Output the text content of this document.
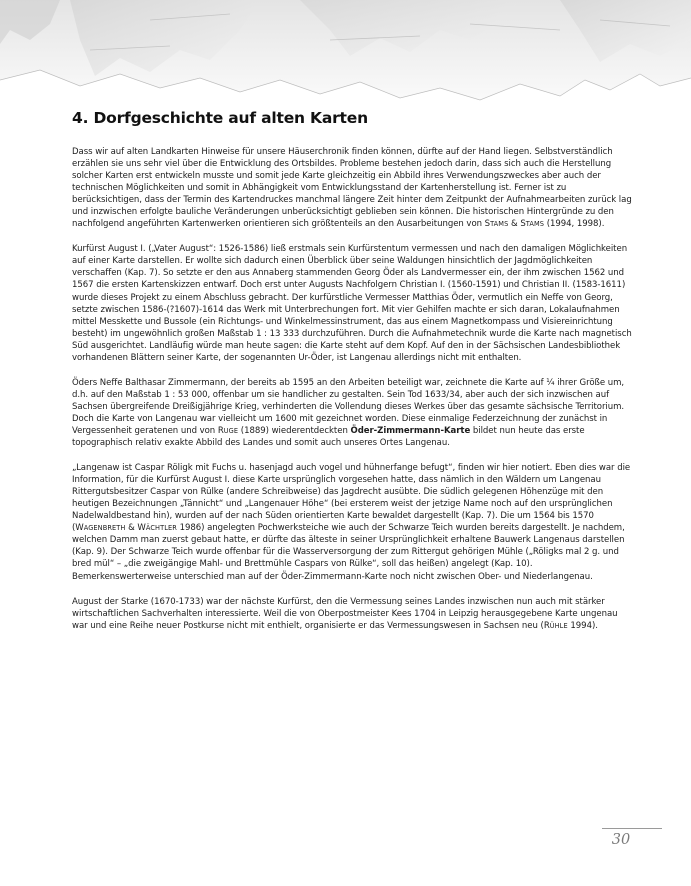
4. Dorfgeschichte auf alten Karten

Dass wir auf alten Landkarten Hinweise für unsere Häuserchronik finden können, dürfte auf der Hand liegen. Selbstverständlich erzählen sie uns sehr viel über die Entwicklung des Ortsbildes. Probleme bestehen jedoch darin, dass sich auch die Herstellung solcher Karten erst entwickeln musste und somit jede Karte gleichzeitig ein Abbild ihres Verwendungszweckes aber auch der technischen Möglichkeiten und somit in Abhängigkeit vom Entwicklungsstand der Kartenherstellung ist. Ferner ist zu berücksichtigen, dass der Termin des Kartendruckes manchmal längere Zeit hinter dem Zeitpunkt der Aufnahmearbeiten zurück lag und inzwischen erfolgte bauliche Veränderungen unberücksichtigt geblieben sein können. Die historischen Hintergründe zu den nachfolgend angeführten Kartenwerken orientieren sich größtenteils an den Ausarbeitungen von STAMS & STAMS (1994, 1998).

Kurfürst August I. („Vater August“: 1526-1586) ließ erstmals sein Kurfürstentum vermessen und nach den damaligen Möglichkeiten auf einer Karte darstellen. Er wollte sich dadurch einen Überblick über seine Waldungen hinsichtlich der Jagdmöglichkeiten verschaffen (Kap. 7). So setzte er den aus Annaberg stammenden Georg Öder als Landvermesser ein, der ihm zwischen 1562 und 1567 die ersten Kartenskizzen entwarf. Doch erst unter Augusts Nachfolgern Christian I. (1560-1591) und Christian II. (1583-1611) wurde dieses Projekt zu einem Abschluss gebracht. Der kurfürstliche Vermesser Matthias Öder, vermutlich ein Neffe von Georg, setzte zwischen 1586-(?1607)-1614 das Werk mit Unterbrechungen fort. Mit vier Gehilfen machte er sich daran, Lokalaufnahmen mittel Messkette und Bussole (ein Richtungs- und Winkelmessinstrument, das aus einem Magnetkompass und Visiereinrichtung besteht) im ungewöhnlich großen Maßstab 1 : 13 333 durchzuführen. Durch die Aufnahmetechnik wurde die Karte nach magnetisch Süd ausgerichtet. Landläufig würde man heute sagen: die Karte steht auf dem Kopf. Auf den in der Sächsischen Landesbibliothek vorhandenen Blättern seiner Karte, der sogenannten Ur-Öder, ist Langenau allerdings nicht mit enthalten.

Öders Neffe Balthasar Zimmermann, der bereits ab 1595 an den Arbeiten beteiligt war, zeichnete die Karte auf ¼ ihrer Größe um, d.h. auf den Maßstab 1 : 53 000, offenbar um sie handlicher zu gestalten. Sein Tod 1633/34, aber auch der sich inzwischen auf Sachsen übergreifende Dreißigjährige Krieg, verhinderten die Vollendung dieses Werkes über das gesamte sächsische Territorium. Doch die Karte von Langenau war vielleicht um 1600 mit gezeichnet worden. Diese einmalige Federzeichnung der zunächst in Vergessenheit geratenen und von RUGE (1889) wiederentdeckten Öder-Zimmermann-Karte bildet nun heute das erste topographisch relativ exakte Abbild des Landes und somit auch unseres Ortes Langenau.

„Langenaw ist Caspar Röligk mit Fuchs u. hasenjagd auch vogel und hühnerfange befugt“, finden wir hier notiert. Eben dies war die Information, für die Kurfürst August I. diese Karte ursprünglich vorgesehen hatte, dass nämlich in den Wäldern um Langenau Rittergutsbesitzer Caspar von Rülke (andere Schreibweise) das Jagdrecht ausübte. Die südlich gelegenen Höhenzüge mit den heutigen Bezeichnungen „Tännicht“ und „Langenauer Höhe“ (bei ersterem weist der jetzige Name noch auf den ursprünglichen Nadelwaldbestand hin), wurden auf der nach Süden orientierten Karte bewaldet dargestellt (Kap. 7). Die um 1564 bis 1570 (WAGENBRETH & WÄCHTLER 1986) angelegten Pochwerksteiche wie auch der Schwarze Teich wurden bereits dargestellt. Je nachdem, welchen Damm man zuerst gebaut hatte, er dürfte das älteste in seiner Ursprünglichkeit erhaltene Bauwerk Langenaus darstellen (Kap. 9). Der Schwarze Teich wurde offenbar für die Wasserversorgung der zum Rittergut gehörigen Mühle („Röligks mal 2 g. und bred mül“ – „die zweigängige Mahl- und Brettmühle Caspars von Rülke“, soll das heißen) angelegt (Kap. 10). Bemerkenswerterweise unterschied man auf der Öder-Zimmermann-Karte noch nicht zwischen Ober- und Niederlangenau.

August der Starke (1670-1733) war der nächste Kurfürst, den die Vermessung seines Landes inzwischen nun auch mit stärker wirtschaftlichen Sachverhalten interessierte. Weil die von Oberpostmeister Kees 1704 in Leipzig herausgegebene Karte ungenau war und eine Reihe neuer Postkurse nicht mit enthielt, organisierte er das Vermessungswesen in Sachsen neu (RÜHLE 1994).

30
